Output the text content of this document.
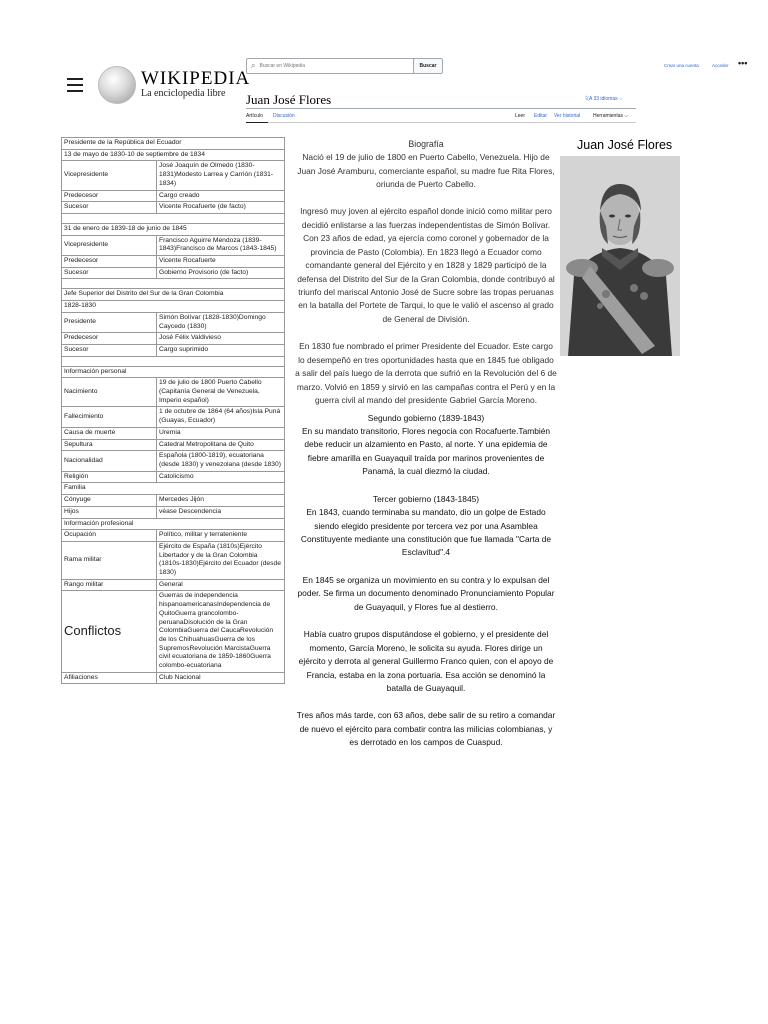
WIKIPEDIA
La enciclopedia libre
⌕ Buscar en Wikipedia	Buscar	Crear una cuenta	Acceder •••
Juan José Flores	文A 33 idiomas ⌵
Artículo Discusión	Leer Editar Ver historial	Herramientas ⌵
Presidente de la República del Ecuador	
13 de mayo de 1830-10 de septiembre de 1834	
Vicepresidente	José Joaquín de Olmedo (1830-1831)Modesto Larrea y Carrión (1831-1834)
Predecesor	Cargo creado
Sucesor	Vicente Rocafuerte (de facto)

31 de enero de 1839-18 de junio de 1845	
Vicepresidente	Francisco Aguirre Mendoza (1839-1843)Francisco de Marcos (1843-1845)
Predecesor	Vicente Rocafuerte
Sucesor	Gobierno Provisorio (de facto)

Jefe Superior del Distrito del Sur de la Gran Colombia	
1828-1830	
Presidente	Simón Bolívar (1828-1830)Domingo Caycedo (1830)
Predecesor	José Félix Valdivieso
Sucesor	Cargo suprimido

Información personal	
Nacimiento	19 de julio de 1800 Puerto Cabello (Capitanía General de Venezuela, Imperio español)
Fallecimiento	1 de octubre de 1864 (64 años)Isla Puná (Guayas, Ecuador)
Causa de muerte	Uremia
Sepultura	Catedral Metropolitana de Quito
Nacionalidad	Española (1800-1819), ecuatoriana (desde 1830) y venezolana (desde 1830)
Religión	Catolicismo
Familia	
Cónyuge	Mercedes Jijón
Hijos	véase Descendencia
Información profesional	
Ocupación	Político, militar y terrateniente
Rama militar	Ejército de España (1810s)Ejército Libertador y de la Gran Colombia (1810s-1830)Ejército del Ecuador (desde 1830)
Rango militar	General
Conflictos	Guerras de independencia hispanoamericanasIndependencia de QuitoGuerra grancolombo-peruanaDisolución de la Gran ColombiaGuerra del CaucaRevolución de los ChihuahuasGuerra de los SupremosRevolución MarcistaGuerra civil ecuatoriana de 1859-1860Guerra colombo-ecuatoriana
Afiliaciones	Club Nacional
Biografía
Nació el 19 de julio de 1800 en Puerto Cabello, Venezuela. Hijo de Juan José Aramburu, comerciante español, su madre fue Rita Flores, oriunda de Puerto Cabello.
Ingresó muy joven al ejército español donde inició como militar pero decidió enlistarse a las fuerzas independentistas de Simón Bolívar. Con 23 años de edad, ya ejercía como coronel y gobernador de la provincia de Pasto (Colombia). En 1823 llegó a Ecuador como comandante general del Ejército y en 1828 y 1829 participó de la defensa del Distrito del Sur de la Gran Colombia, donde contribuyó al triunfo del mariscal Antonio José de Sucre sobre las tropas peruanas en la batalla del Portete de Tarqui, lo que le valió el ascenso al grado de General de División.
En 1830 fue nombrado el primer Presidente del Ecuador. Este cargo lo desempeñó en tres oportunidades hasta que en 1845 fue obligado a salir del país luego de la derrota que sufrió en la Revolución del 6 de marzo. Volvió en 1859 y sirvió en las campañas contra el Perú y en la guerra civil al mando del presidente Gabriel García Moreno.
Segundo gobierno (1839-1843)
En su mandato transitorio, Flores negocia con Rocafuerte.También debe reducir un alzamiento en Pasto, al norte. Y una epidemia de fiebre amarilla en Guayaquil traída por marinos provenientes de Panamá, la cual diezmó la ciudad.
Tercer gobierno (1843-1845)
En 1843, cuando terminaba su mandato, dio un golpe de Estado siendo elegido presidente por tercera vez por una Asamblea Constituyente mediante una constitución que fue llamada "Carta de Esclavitud".4
En 1845 se organiza un movimiento en su contra y lo expulsan del poder. Se firma un documento denominado Pronunciamiento Popular de Guayaquil, y Flores fue al destierro.
Había cuatro grupos disputándose el gobierno, y el presidente del momento, García Moreno, le solicita su ayuda. Flores dirige un ejército y derrota al general Guillermo Franco quien, con el apoyo de Francia, estaba en la zona portuaria. Esa acción se denominó la batalla de Guayaquil.
Tres años más tarde, con 63 años, debe salir de su retiro a comandar de nuevo el ejército para combatir contra las milicias colombianas, y es derrotado en los campos de Cuaspud.
Juan José Flores
